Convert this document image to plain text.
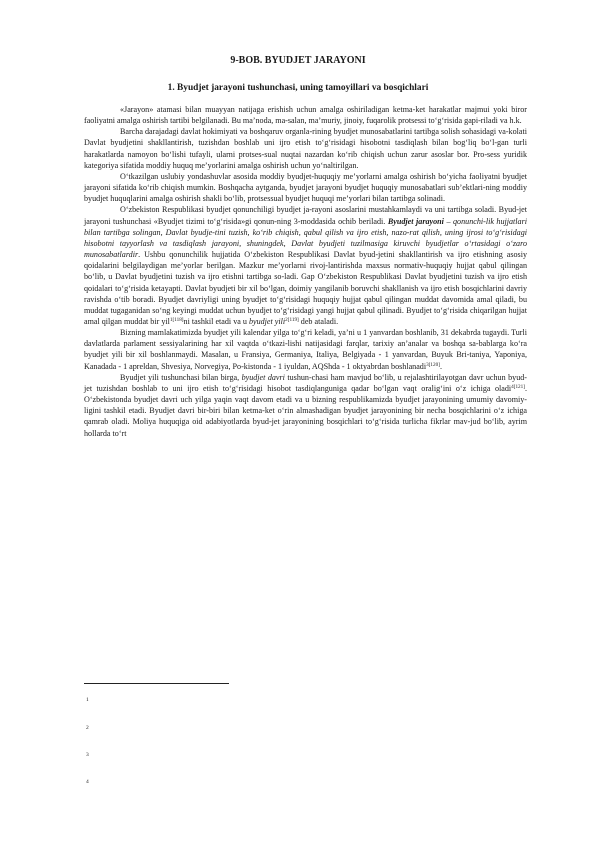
9-BOB. BYUDJET JARAYONI
1. Byudjet jarayoni tushunchasi, uning tamoyillari va bosqichlari

«Jarayon» atamasi bilan muayyan natijaga erishish uchun amalga oshiriladigan ketma-ket harakatlar majmui yoki biror faoliyatni amalga oshirish tartibi belgilanadi. Bu ma’noda, ma-salan, ma’muriy, jinoiy, fuqarolik protsessi to‘g‘risida gapi-riladi va h.k.

Barcha darajadagi davlat hokimiyati va boshqaruv organla-rining byudjet munosabatlarini tartibga solish sohasidagi va-kolati Davlat byudjetini shakllantirish, tuzishdan boshlab uni ijro etish to‘g‘risidagi hisobotni tasdiqlash bilan bog‘liq bo‘l-gan turli harakatlarda namoyon bo‘lishi tufayli, ularni protses-sual nuqtai nazardan ko‘rib chiqish uchun zarur asoslar bor. Pro-sess yuridik kategoriya sifatida moddiy huquq me’yorlarini amalga oshirish uchun yo‘naltirilgan.

O‘tkazilgan uslubiy yondashuvlar asosida moddiy byudjet-huquqiy me’yorlarni amalga oshirish bo‘yicha faoliyatni byudjet jarayoni sifatida ko‘rib chiqish mumkin. Boshqacha aytganda, byudjet jarayoni byudjet huquqiy munosabatlari sub’ektlari-ning moddiy byudjet huquqlarini amalga oshirish shakli bo‘lib, protsessual byudjet huquqi me’yorlari bilan tartibga solinadi.

O‘zbekiston Respublikasi byudjet qonunchiligi byudjet ja-rayoni asoslarini mustahkamlaydi va uni tartibga soladi. Byud-jet jarayoni tushunchasi «Byudjet tizimi to‘g‘risida»gi qonun-ning 3-moddasida ochib beriladi. Byudjet jarayoni – qonunchi-lik hujjatlari bilan tartibga solingan, Davlat byudje-tini tuzish, ko‘rib chiqish, qabul qilish va ijro etish, nazo-rat qilish, uning ijrosi to‘g‘risidagi hisobotni tayyorlash va tasdiqlash jarayoni, shuningdek, Davlat byudjeti tuzilmasiga kiruvchi byudjetlar o‘rtasidagi o‘zaro munosabatlardir. Ushbu qonunchilik hujjatida O‘zbekiston Respublikasi Davlat byud-jetini shakllantirish va ijro etishning asosiy qoidalarini belgilaydigan me’yorlar berilgan. Mazkur me’yorlarni rivoj-lantirishda maxsus normativ-huquqiy hujjat qabul qilingan bo‘lib, u Davlat byudjetini tuzish va ijro etishni tartibga so-ladi. Gap O‘zbekiston Respublikasi Davlat byudjetini tuzish va ijro etish qoidalari to‘g‘risida ketayapti. Davlat byudjeti bir xil bo‘lgan, doimiy yangilanib boruvchi shakllanish va ijro etish bosqichlarini davriy ravishda o‘tib boradi. Byudjet davriyligi uning byudjet to‘g‘risidagi huquqiy hujjat qabul qilingan muddat davomida amal qiladi, bu muddat tugaganidan so‘ng keyingi muddat uchun byudjet to‘g‘risidagi yangi hujjat qabul qilinadi. Byudjet to‘g‘risida chiqarilgan hujjat amal qilgan muddat bir yil$^{1[118]}$ni tashkil etadi va u byudjet yili$^{2[119]}$ deb ataladi.

Bizning mamlakatimizda byudjet yili kalendar yilga to‘g‘ri keladi, ya’ni u 1 yanvardan boshlanib, 31 dekabrda tugaydi. Turli davlatlarda parlament sessiyalarining har xil vaqtda o‘tkazi-lishi natijasidagi farqlar, tarixiy an’analar va boshqa sa-bablarga ko‘ra byudjet yili bir xil boshlanmaydi. Masalan, u Fransiya, Germaniya, Italiya, Belgiyada - 1 yanvardan, Buyuk Bri-taniya, Yaponiya, Kanadada - 1 apreldan, Shvesiya, Norvegiya, Po-kistonda - 1 iyuldan, AQShda - 1 oktyabrdan boshlanadi$^{3[120]}$.

Byudjet yili tushunchasi bilan birga, byudjet davri tushun-chasi ham mavjud bo‘lib, u rejalashtirilayotgan davr uchun byud-jet tuzishdan boshlab to uni ijro etish to‘g‘risidagi hisobot tasdiqlanguniga qadar bo‘lgan vaqt oralig‘ini o‘z ichiga oladi$^{4[121]}$. O‘zbekistonda byudjet davri uch yilga yaqin vaqt davom etadi va u bizning respublikamizda byudjet jarayonining umumiy davomiy-ligini tashkil etadi. Byudjet davri bir-biri bilan ketma-ket o‘rin almashadigan byudjet jarayonining bir necha bosqichlarini o‘z ichiga qamrab oladi. Moliya huquqiga oid adabiyotlarda byud-jet jarayonining bosqichlari to‘g‘risida turlicha fikrlar mav-jud bo‘lib, ayrim hollarda to‘rt

1
2
3
4
